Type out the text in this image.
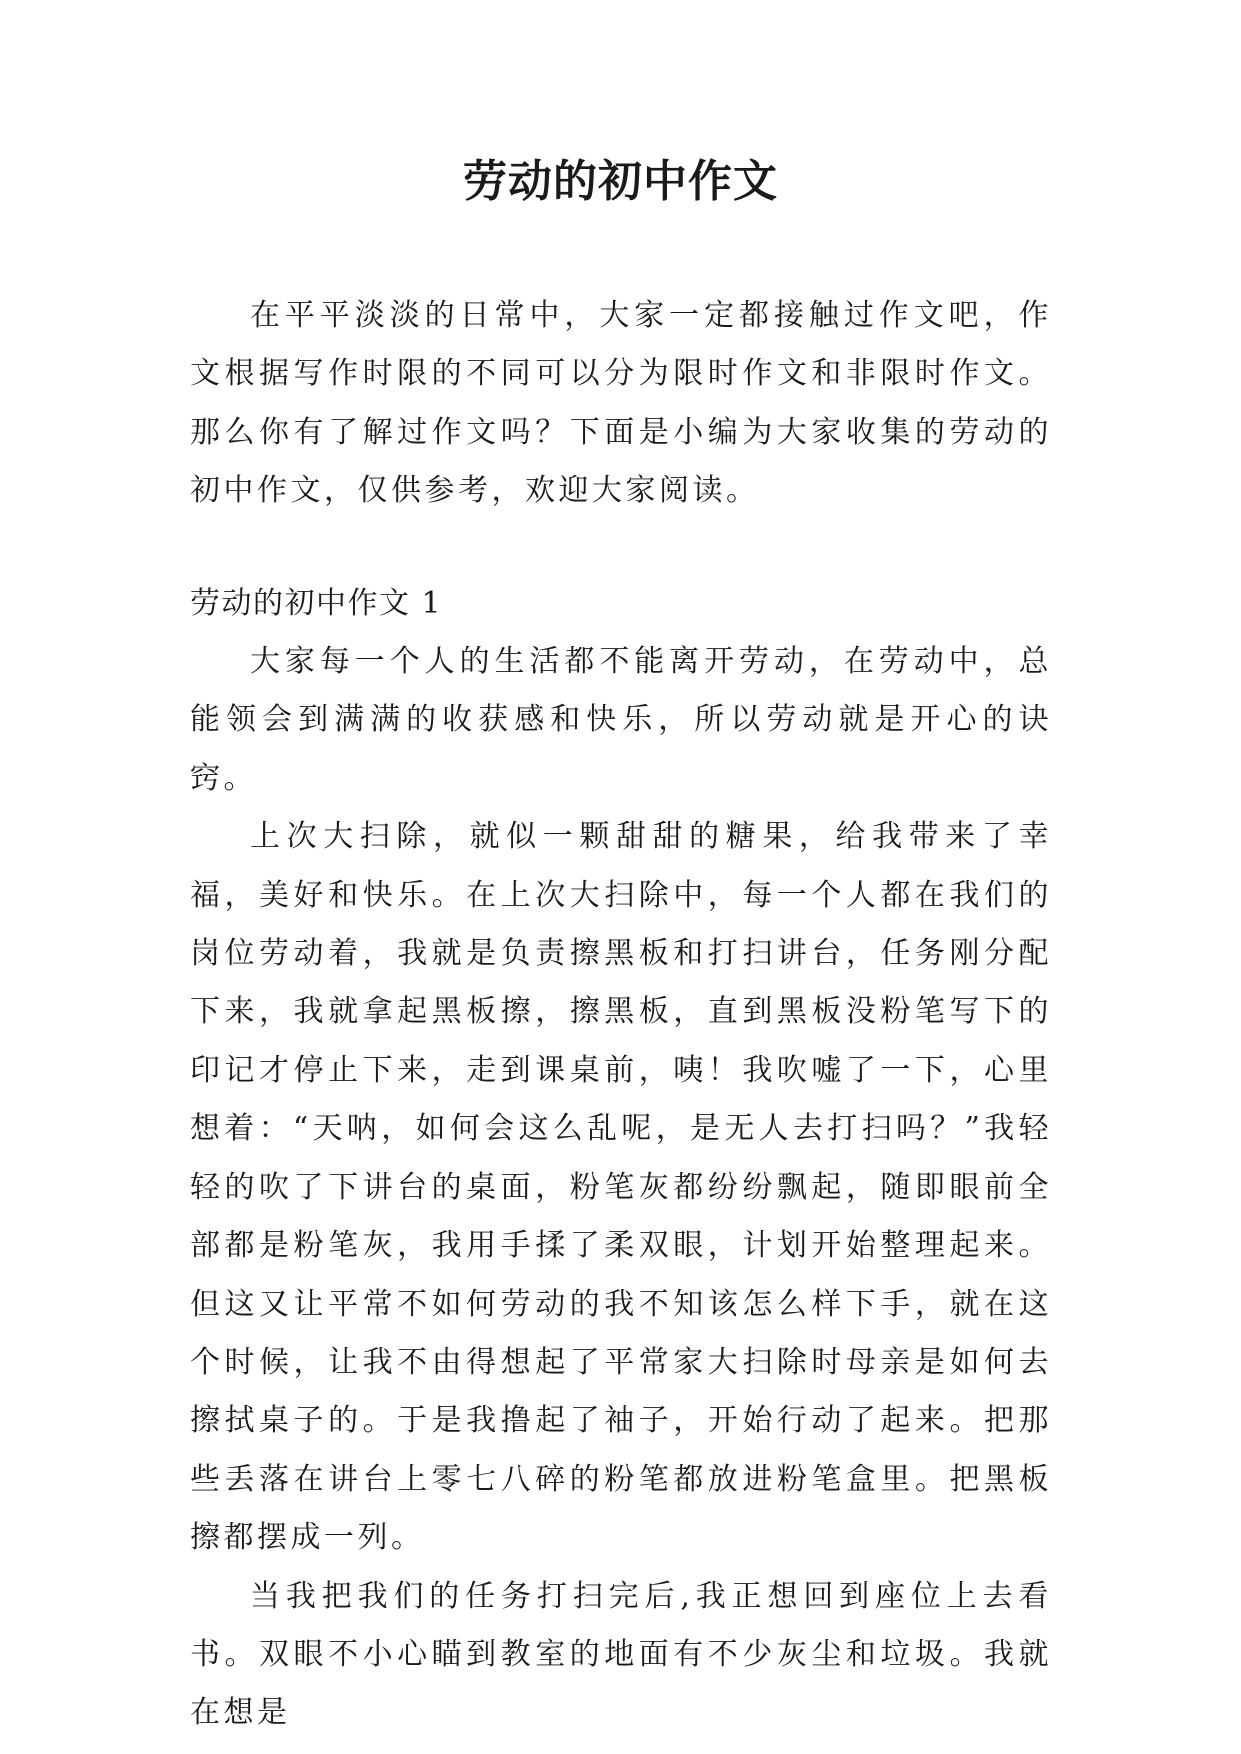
劳动的初中作文

在平平淡淡的日常中，大家一定都接触过作文吧，作文根据写作时限的不同可以分为限时作文和非限时作文。那么你有了解过作文吗？下面是小编为大家收集的劳动的初中作文，仅供参考，欢迎大家阅读。

劳动的初中作文 1

大家每一个人的生活都不能离开劳动，在劳动中，总能领会到满满的收获感和快乐，所以劳动就是开心的诀窍。

上次大扫除，就似一颗甜甜的糖果，给我带来了幸福，美好和快乐。在上次大扫除中，每一个人都在我们的岗位劳动着，我就是负责擦黑板和打扫讲台，任务刚分配下来，我就拿起黑板擦，擦黑板，直到黑板没粉笔写下的印记才停止下来，走到课桌前，咦！我吹嘘了一下，心里想着：“天呐，如何会这么乱呢，是无人去打扫吗？”我轻轻的吹了下讲台的桌面，粉笔灰都纷纷飘起，随即眼前全部都是粉笔灰，我用手揉了柔双眼，计划开始整理起来。但这又让平常不如何劳动的我不知该怎么样下手，就在这个时候，让我不由得想起了平常家大扫除时母亲是如何去擦拭桌子的。于是我撸起了袖子，开始行动了起来。把那些丢落在讲台上零七八碎的粉笔都放进粉笔盒里。把黑板擦都摆成一列。

当我把我们的任务打扫完后,我正想回到座位上去看书。双眼不小心瞄到教室的地面有不少灰尘和垃圾。我就在想是
